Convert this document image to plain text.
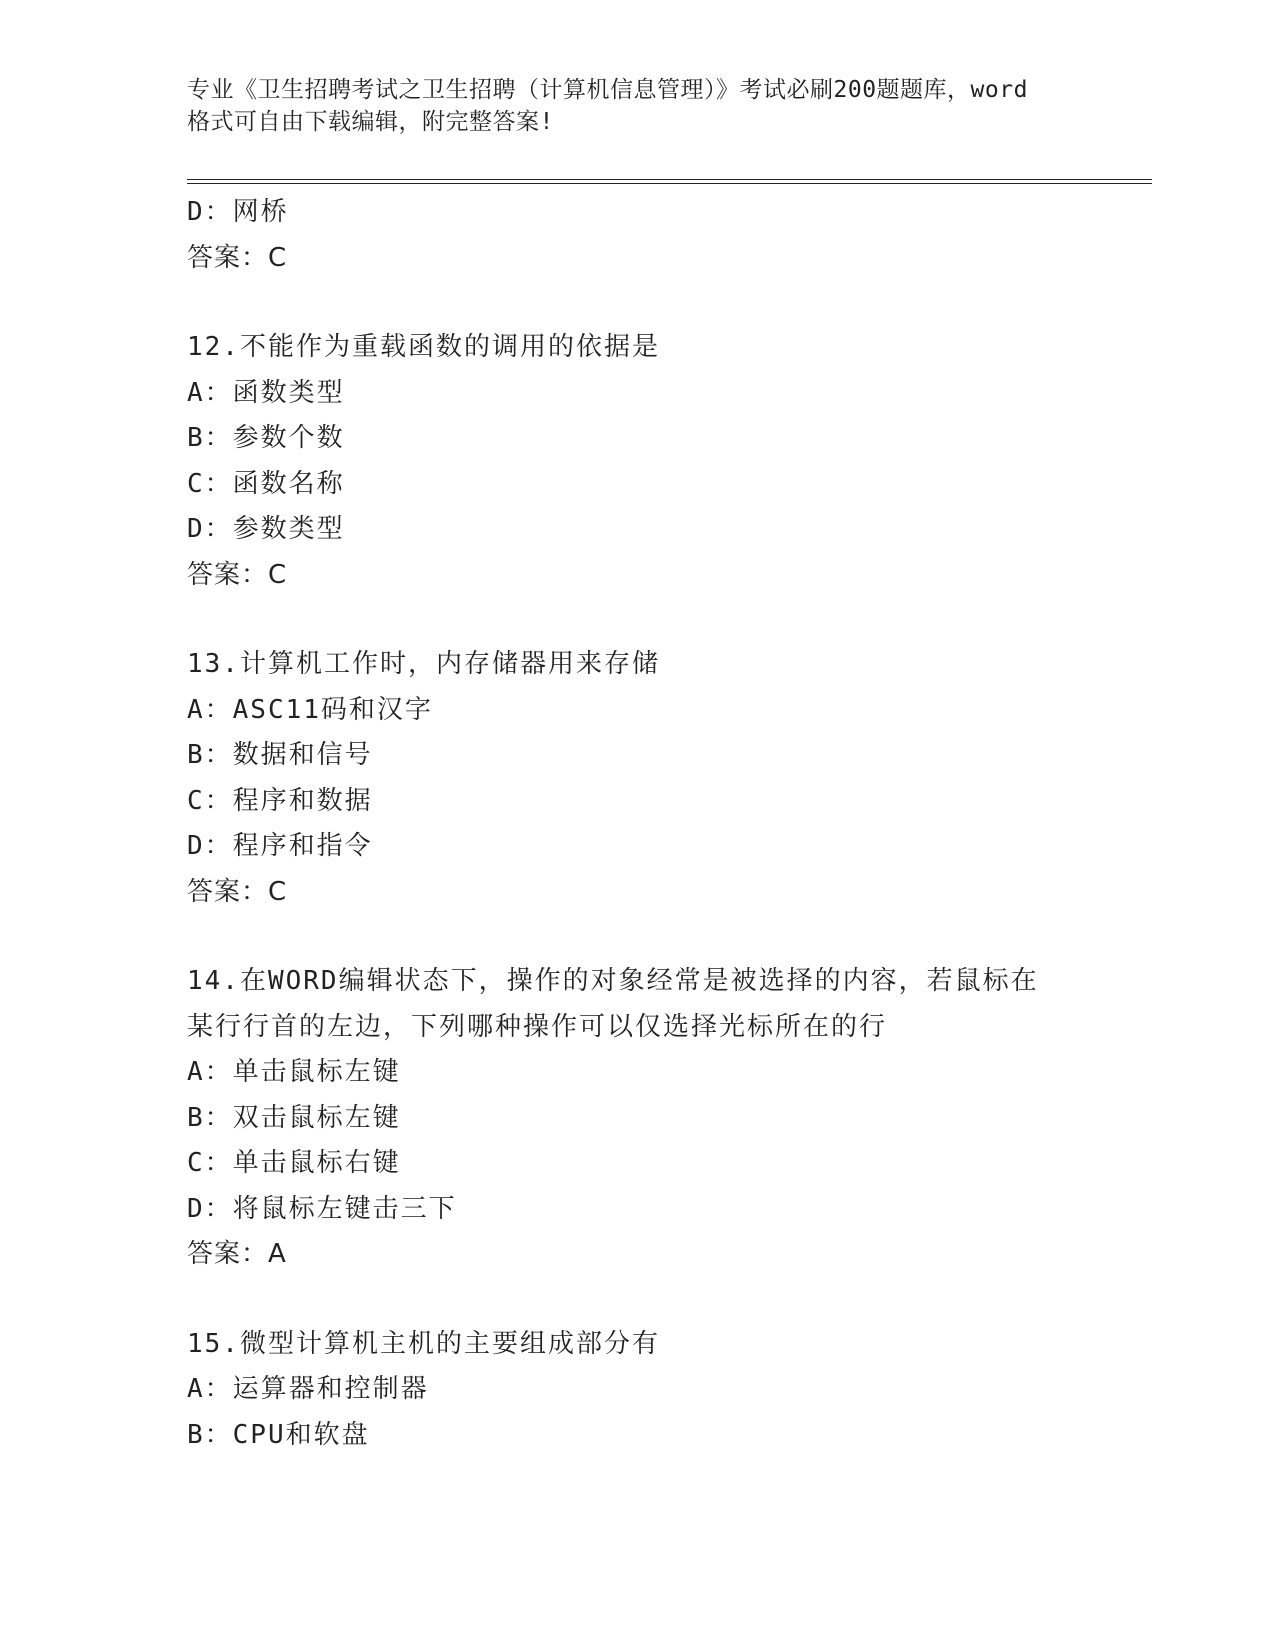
专业《卫生招聘考试之卫生招聘（计算机信息管理）》考试必刷200题题库，word
格式可自由下载编辑，附完整答案!
D：网桥
答案：C
12.不能作为重载函数的调用的依据是
A：函数类型
B：参数个数
C：函数名称
D：参数类型
答案：C
13.计算机工作时，内存储器用来存储
A：ASC11码和汉字
B：数据和信号
C：程序和数据
D：程序和指令
答案：C
14.在WORD编辑状态下，操作的对象经常是被选择的内容，若鼠标在某行行首的左边，下列哪种操作可以仅选择光标所在的行
A：单击鼠标左键
B：双击鼠标左键
C：单击鼠标右键
D：将鼠标左键击三下
答案：A
15.微型计算机主机的主要组成部分有
A：运算器和控制器
B：CPU和软盘
